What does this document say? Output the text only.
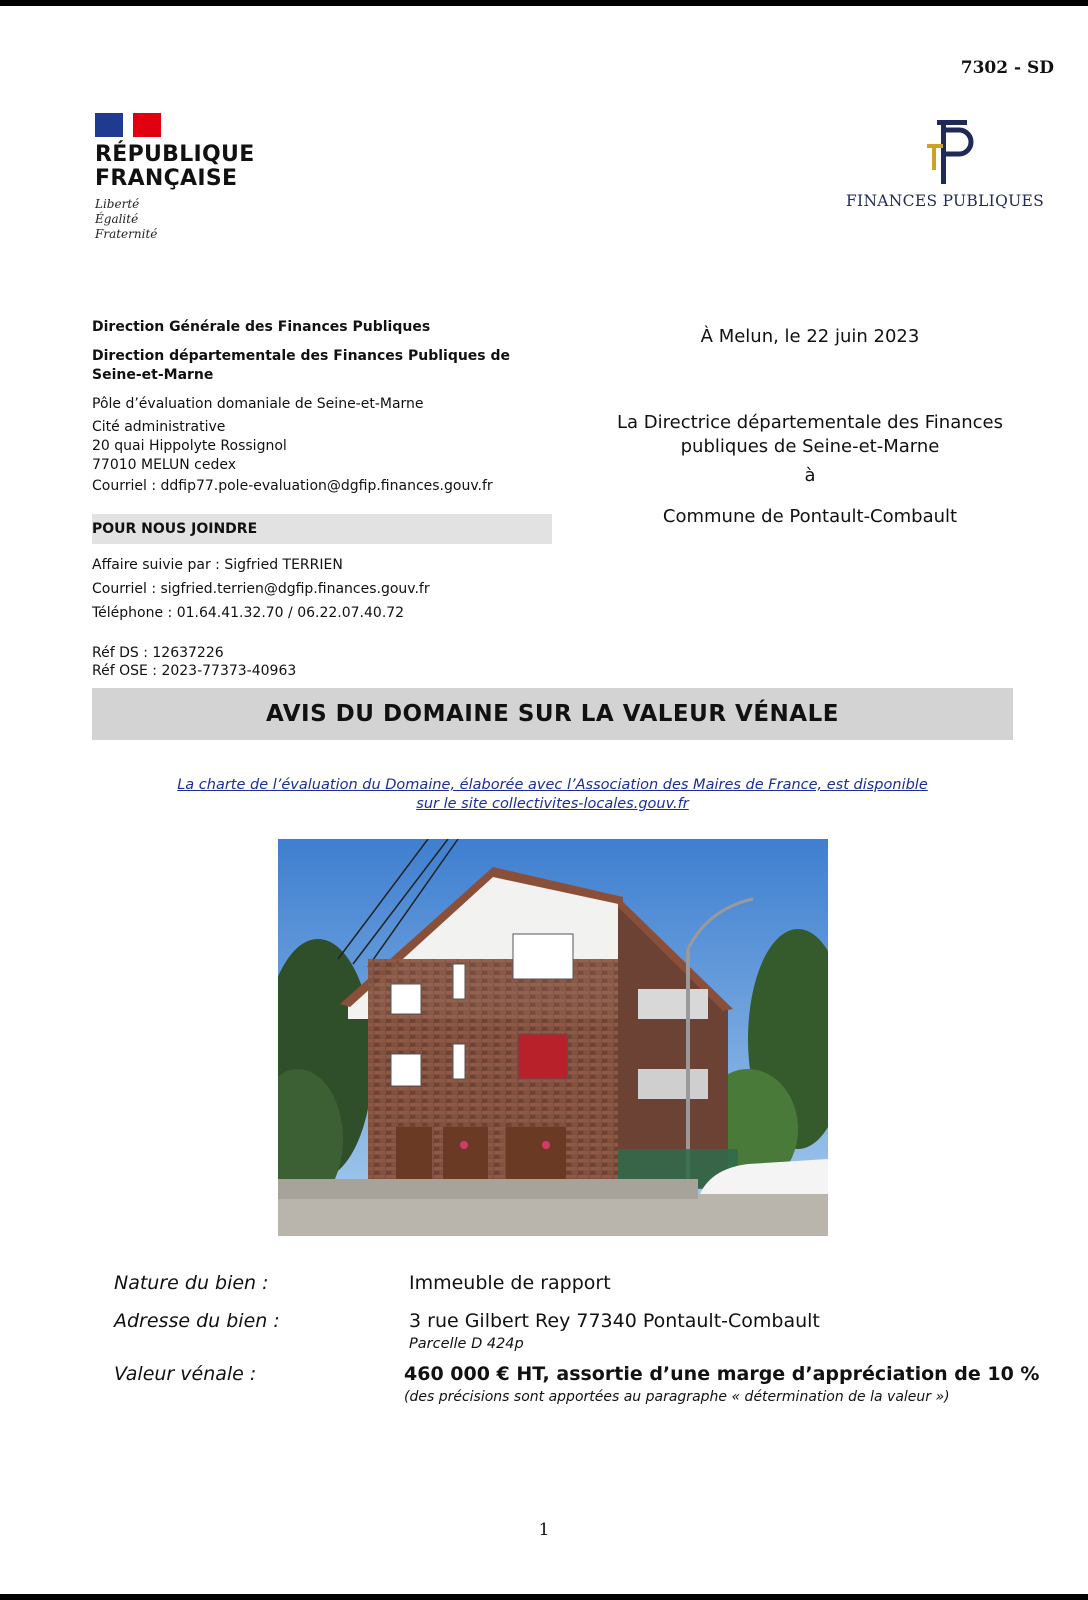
7302 - SD
RÉPUBLIQUE
FRANÇAISE
Liberté
Égalité
Fraternité
FINANCES PUBLIQUES

Direction Générale des Finances Publiques

Direction départementale des Finances Publiques de Seine-et-Marne

Pôle d’évaluation domaniale de Seine-et-Marne

Cité administrative

20 quai Hippolyte Rossignol

77010 MELUN cedex

Courriel : ddfip77.pole-evaluation@dgfip.finances.gouv.fr

POUR NOUS JOINDRE
Affaire suivie par : Sigfried TERRIEN
Courriel : sigfried.terrien@dgfip.finances.gouv.fr
Téléphone : 01.64.41.32.70 / 06.22.07.40.72
Réf DS : 12637226
Réf OSE : 2023-77373-40963
À Melun, le 22 juin 2023
La Directrice départementale des Finances
publiques de Seine-et-Marne
à
Commune de Pontault-Combault
AVIS DU DOMAINE SUR LA VALEUR VÉNALE
La charte de l’évaluation du Domaine, élaborée avec l’Association des Maires de France, est disponible
sur le site collectivites-locales.gouv.fr
Nature du bien :	Immeuble de rapport
Adresse du bien :	3 rue Gilbert Rey 77340 Pontault-Combault
Parcelle D 424p
Valeur vénale :	460 000 € HT, assortie d’une marge d’appréciation de 10 %
(des précisions sont apportées au paragraphe « détermination de la valeur »)
1
